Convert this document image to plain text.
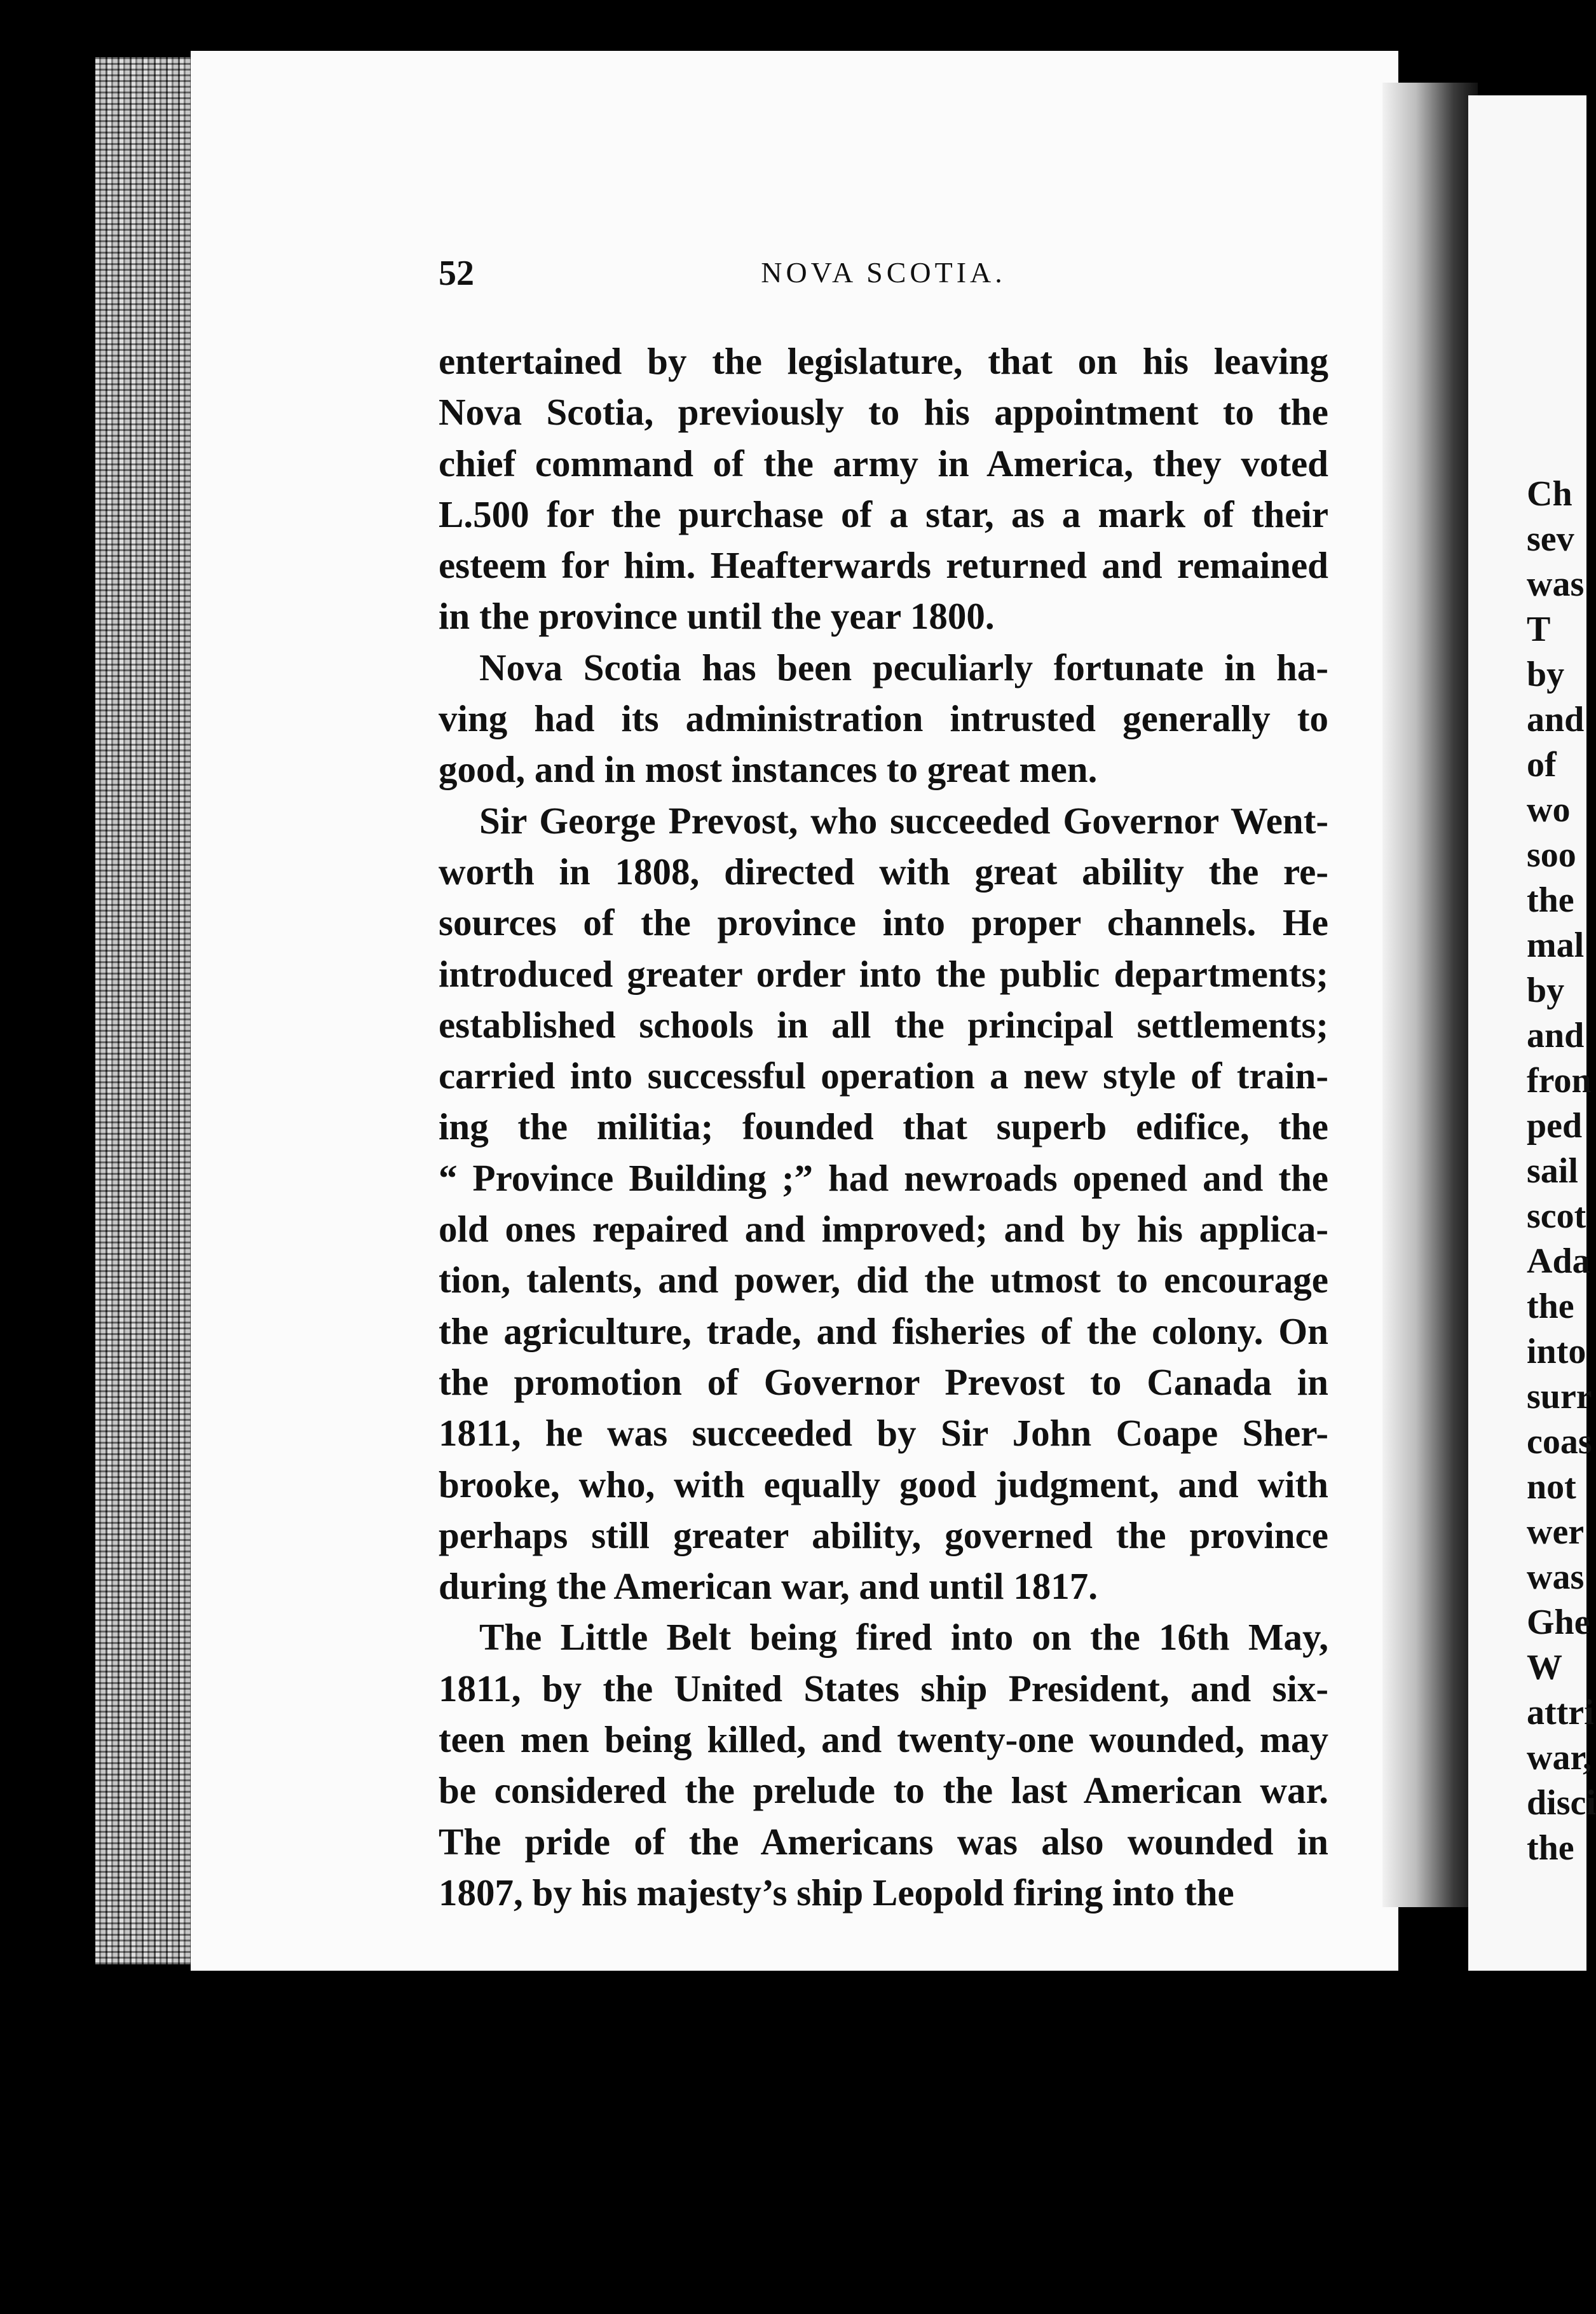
Ch
sev
was
T
by
and
of
wo
soo
the
mal
by
and
fron
ped
sail
scot
Ada
the
into
surr
coas
not
wer
was
Ghe
W
attri
war,
disci
the
52	NOVA SCOTIA.
entertained by the legislature, that on his leaving
Nova Scotia, previously to his appointment to the
chief command of the army in America, they voted
L.500 for the purchase of a star, as a mark of their
esteem for him. Heafterwards returned and remained
in the province until the year 1800.
Nova Scotia has been peculiarly fortunate in ha-
ving had its administration intrusted generally to
good, and in most instances to great men.
Sir George Prevost, who succeeded Governor Went-
worth in 1808, directed with great ability the re-
sources of the province into proper channels. He
introduced greater order into the public departments;
established schools in all the principal settlements;
carried into successful operation a new style of train-
ing the militia; founded that superb edifice, the
“ Province Building ;” had newroads opened and the
old ones repaired and improved; and by his applica-
tion, talents, and power, did the utmost to encourage
the agriculture, trade, and fisheries of the colony. On
the promotion of Governor Prevost to Canada in
1811, he was succeeded by Sir John Coape Sher-
brooke, who, with equally good judgment, and with
perhaps still greater ability, governed the province
during the American war, and until 1817.
The Little Belt being fired into on the 16th May,
1811, by the United States ship President, and six-
teen men being killed, and twenty-one wounded, may
be considered the prelude to the last American war.
The pride of the Americans was also wounded in
1807, by his majesty’s ship Leopold firing into the
